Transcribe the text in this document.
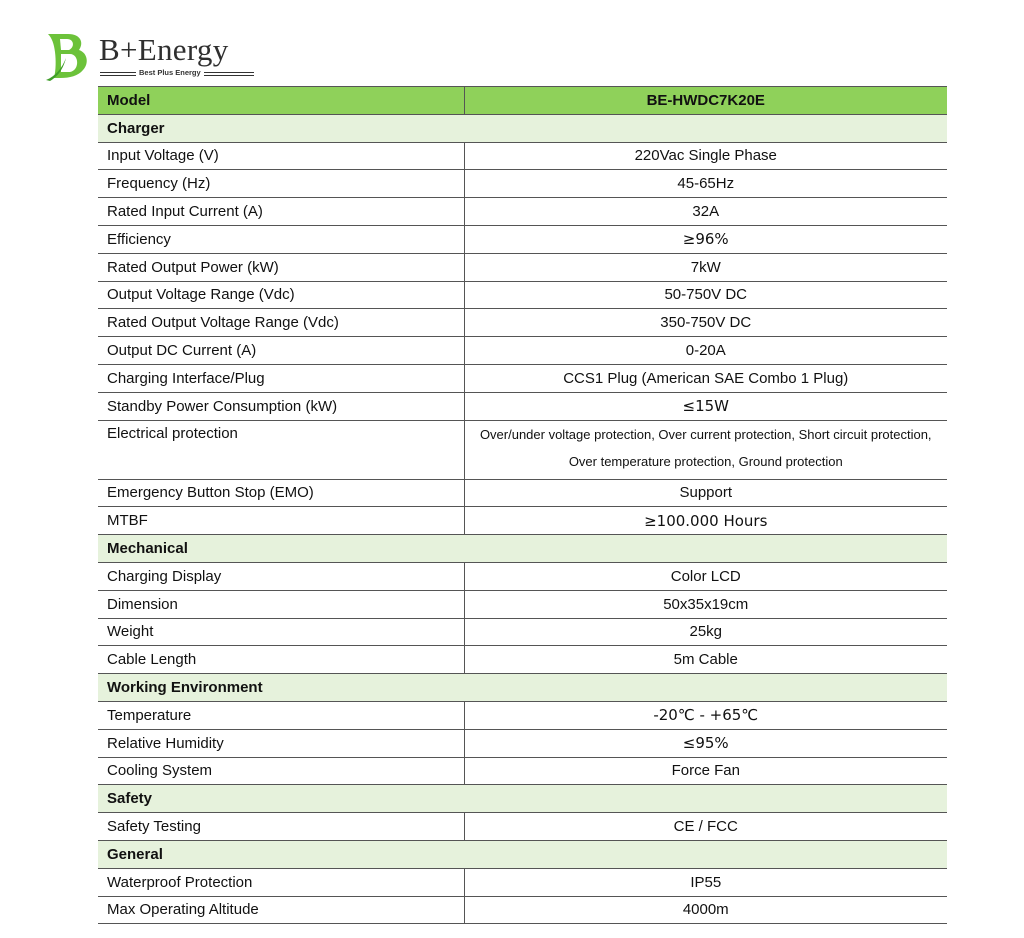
B+Energy
Best Plus Energy
Model	BE-HWDC7K20E
Charger	
Input Voltage (V)	220Vac Single Phase
Frequency (Hz)	45-65Hz
Rated Input Current (A)	32A
Efficiency	≥96%
Rated Output Power (kW)	7kW
Output Voltage Range (Vdc)	50-750V DC
Rated Output Voltage Range (Vdc)	350-750V DC
Output DC Current (A)	0-20A
Charging Interface/Plug	CCS1 Plug (American SAE Combo 1 Plug)
Standby Power Consumption (kW)	≤15W
Electrical protection	Over/under voltage protection, Over current protection, Short circuit protection, Over temperature protection, Ground protection
Emergency Button Stop (EMO)	Support
MTBF	≥100.000 Hours
Mechanical	
Charging Display	Color LCD
Dimension	50x35x19cm
Weight	25kg
Cable Length	5m Cable
Working Environment	
Temperature	-20℃ - +65℃
Relative Humidity	≤95%
Cooling System	Force Fan
Safety	
Safety Testing	CE / FCC
General	
Waterproof Protection	IP55
Max Operating Altitude	4000m
